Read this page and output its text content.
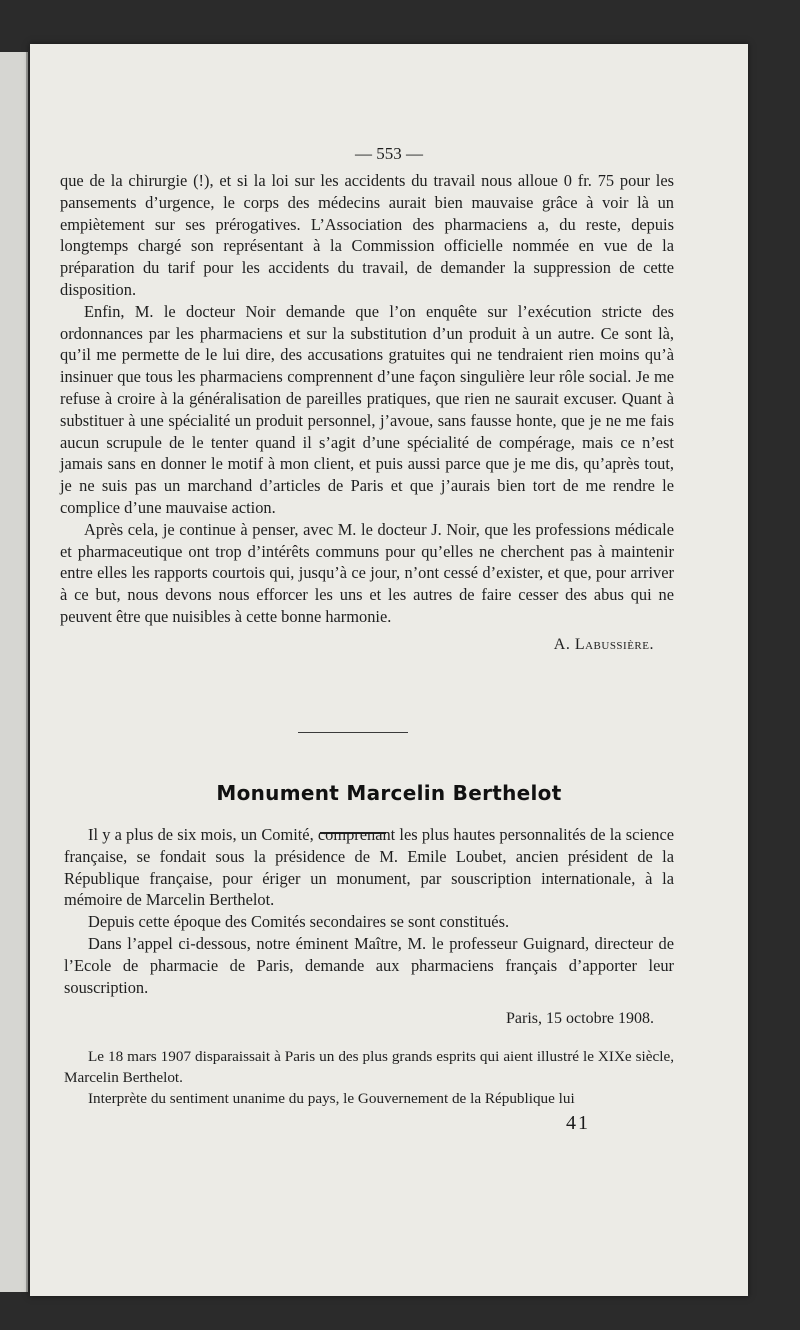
— 553 —

que de la chirurgie (!), et si la loi sur les accidents du travail nous alloue 0 fr. 75 pour les pansements d’urgence, le corps des médecins aurait bien mauvaise grâce à voir là un empiètement sur ses prérogatives. L’Association des pharmaciens a, du reste, depuis longtemps chargé son représentant à la Commission officielle nommée en vue de la préparation du tarif pour les accidents du travail, de demander la suppression de cette disposition.

Enfin, M. le docteur Noir demande que l’on enquête sur l’exécution stricte des ordonnances par les pharmaciens et sur la substitution d’un produit à un autre. Ce sont là, qu’il me permette de le lui dire, des accusations gratuites qui ne tendraient rien moins qu’à insinuer que tous les pharmaciens comprennent d’une façon singulière leur rôle social. Je me refuse à croire à la généralisation de pareilles pratiques, que rien ne saurait excuser. Quant à substituer à une spécialité un produit personnel, j’avoue, sans fausse honte, que je ne me fais aucun scrupule de le tenter quand il s’agit d’une spécialité de compérage, mais ce n’est jamais sans en donner le motif à mon client, et puis aussi parce que je me dis, qu’après tout, je ne suis pas un marchand d’articles de Paris et que j’aurais bien tort de me rendre le complice d’une mauvaise action.

Après cela, je continue à penser, avec M. le docteur J. Noir, que les professions médicale et pharmaceutique ont trop d’intérêts communs pour qu’elles ne cherchent pas à maintenir entre elles les rapports courtois qui, jusqu’à ce jour, n’ont cessé d’exister, et que, pour arriver à ce but, nous devons nous efforcer les uns et les autres de faire cesser des abus qui ne peuvent être que nuisibles à cette bonne harmonie.

A. Labussière.
Monument Marcelin Berthelot

Il y a plus de six mois, un Comité, comprenant les plus hautes personnalités de la science française, se fondait sous la présidence de M. Emile Loubet, ancien président de la République française, pour ériger un monument, par souscription internationale, à la mémoire de Marcelin Berthelot.

Depuis cette époque des Comités secondaires se sont constitués.

Dans l’appel ci-dessous, notre éminent Maître, M. le professeur Guignard, directeur de l’Ecole de pharmacie de Paris, demande aux pharmaciens français d’apporter leur souscription.

Paris, 15 octobre 1908.

Le 18 mars 1907 disparaissait à Paris un des plus grands esprits qui aient illustré le XIXe siècle, Marcelin Berthelot.

Interprète du sentiment unanime du pays, le Gouvernement de la République lui

41
